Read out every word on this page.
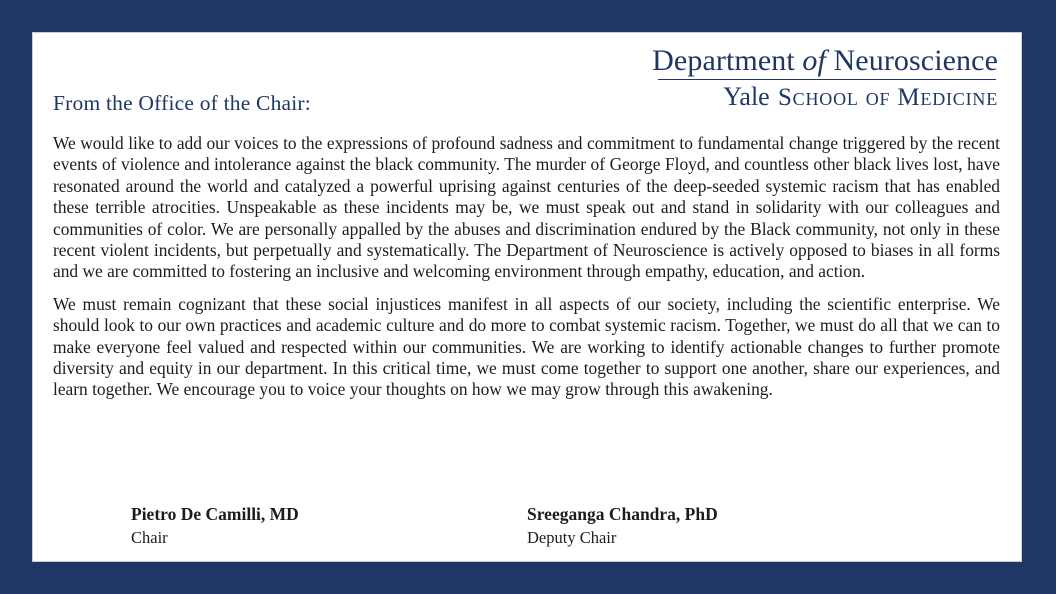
Department of Neuroscience
Yale School of Medicine
From the Office of the Chair:

We would like to add our voices to the expressions of profound sadness and commitment to fundamental change triggered by the recent events of violence and intolerance against the black community. The murder of George Floyd, and countless other black lives lost, have resonated around the world and catalyzed a powerful uprising against centuries of the deep-seeded systemic racism that has enabled these terrible atrocities. Unspeakable as these incidents may be, we must speak out and stand in solidarity with our colleagues and communities of color. We are personally appalled by the abuses and discrimination endured by the Black community, not only in these recent violent incidents, but perpetually and systematically. The Department of Neuroscience is actively opposed to biases in all forms and we are committed to fostering an inclusive and welcoming environment through empathy, education, and action.

We must remain cognizant that these social injustices manifest in all aspects of our society, including the scientific enterprise. We should look to our own practices and academic culture and do more to combat systemic racism. Together, we must do all that we can to make everyone feel valued and respected within our communities. We are working to identify actionable changes to further promote diversity and equity in our department. In this critical time, we must come together to support one another, share our experiences, and learn together. We encourage you to voice your thoughts on how we may grow through this awakening.

Pietro De Camilli, MD
Chair
Sreeganga Chandra, PhD
Deputy Chair
